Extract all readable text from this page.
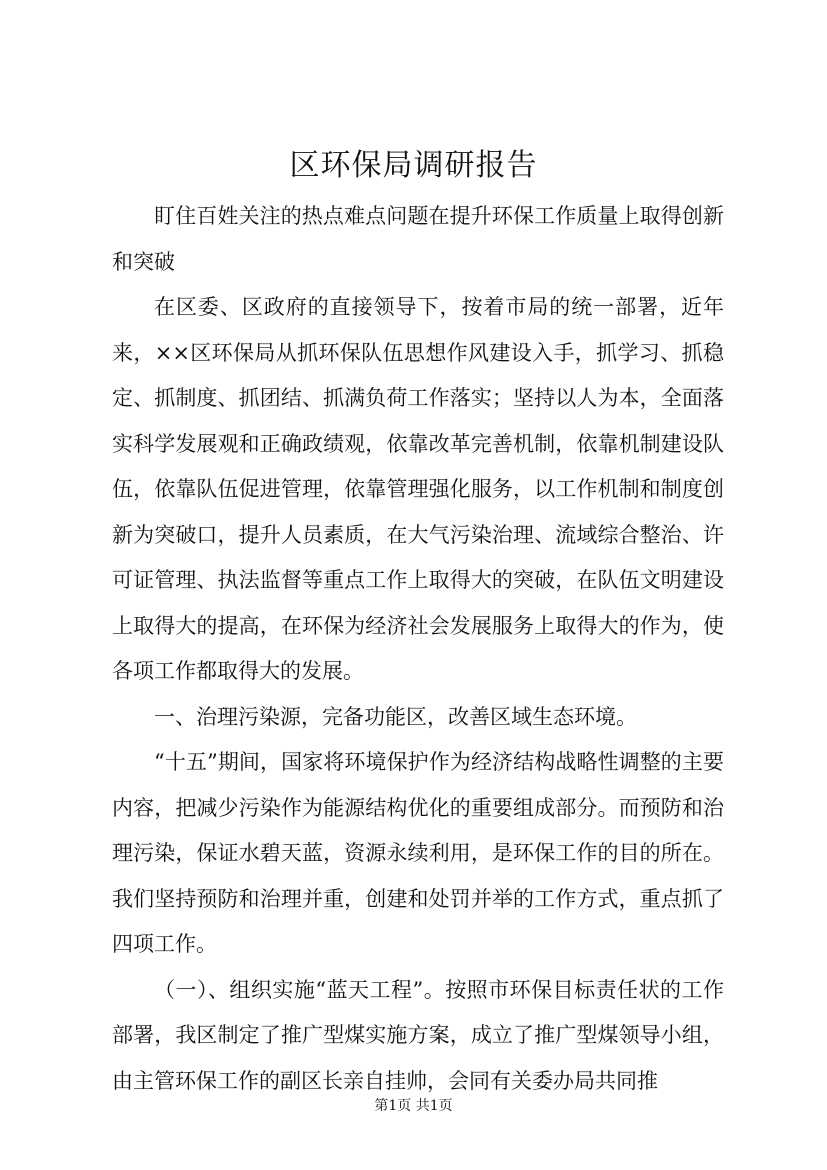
区环保局调研报告

盯住百姓关注的热点难点问题在提升环保工作质量上取得创新和突破

在区委、区政府的直接领导下，按着市局的统一部署，近年来，××区环保局从抓环保队伍思想作风建设入手，抓学习、抓稳定、抓制度、抓团结、抓满负荷工作落实；坚持以人为本，全面落实科学发展观和正确政绩观，依靠改革完善机制，依靠机制建设队伍，依靠队伍促进管理，依靠管理强化服务，以工作机制和制度创新为突破口，提升人员素质，在大气污染治理、流域综合整治、许可证管理、执法监督等重点工作上取得大的突破，在队伍文明建设上取得大的提高，在环保为经济社会发展服务上取得大的作为，使各项工作都取得大的发展。

一、治理污染源，完备功能区，改善区域生态环境。

“十五”期间，国家将环境保护作为经济结构战略性调整的主要内容，把减少污染作为能源结构优化的重要组成部分。而预防和治理污染，保证水碧天蓝，资源永续利用，是环保工作的目的所在。我们坚持预防和治理并重，创建和处罚并举的工作方式，重点抓了四项工作。

（一）、组织实施“蓝天工程”。按照市环保目标责任状的工作部署，我区制定了推广型煤实施方案，成立了推广型煤领导小组，由主管环保工作的副区长亲自挂帅，会同有关委办局共同推

第1页 共1页
